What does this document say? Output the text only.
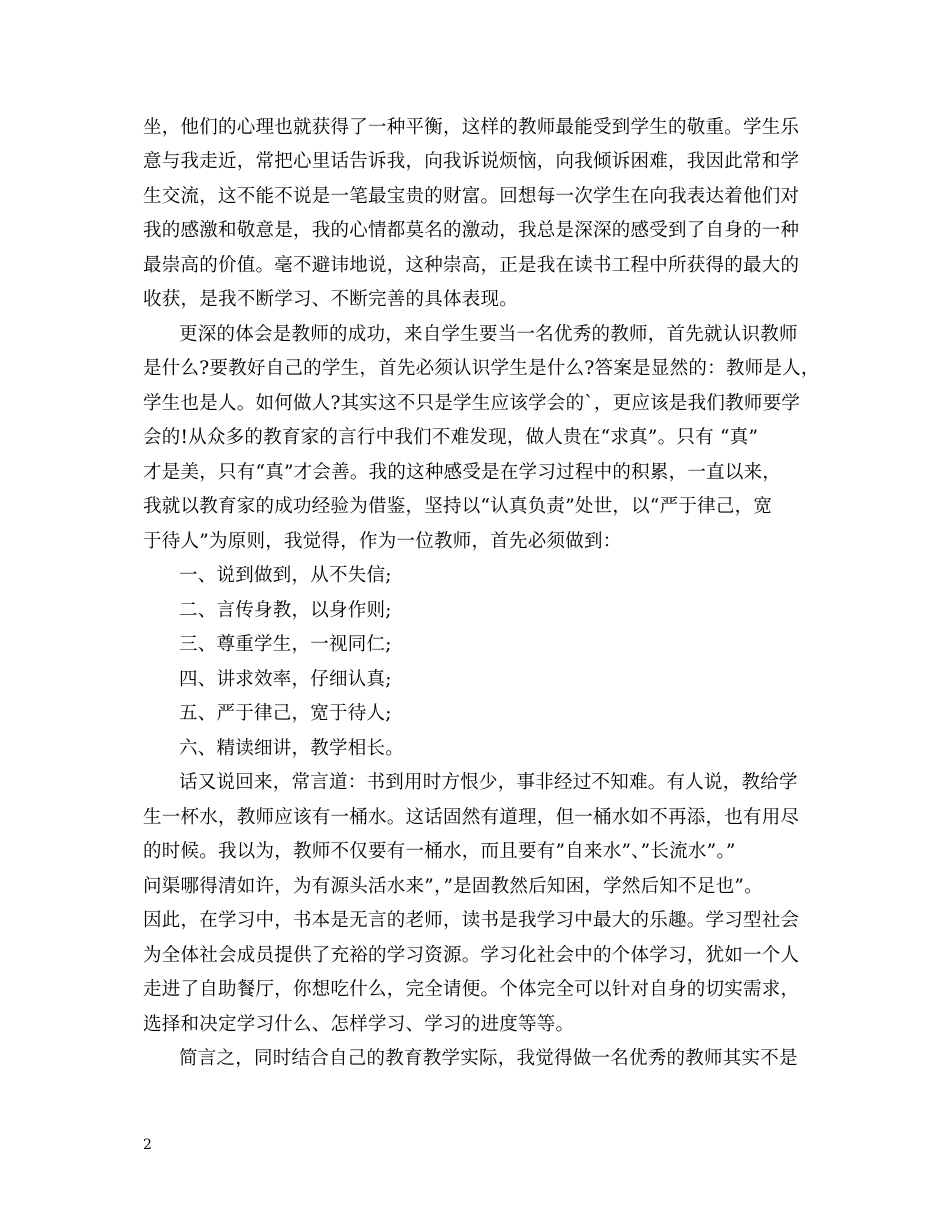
坐，他们的心理也就获得了一种平衡，这样的教师最能受到学生的敬重。学生乐
意与我走近，常把心里话告诉我，向我诉说烦恼，向我倾诉困难，我因此常和学
生交流，这不能不说是一笔最宝贵的财富。回想每一次学生在向我表达着他们对
我的感激和敬意是，我的心情都莫名的激动，我总是深深的感受到了自身的一种
最崇高的价值。毫不避讳地说，这种崇高，正是我在读书工程中所获得的最大的
收获，是我不断学习、不断完善的具体表现。
更深的体会是教师的成功，来自学生要当一名优秀的教师，首先就认识教师
是什么?要教好自己的学生，首先必须认识学生是什么?答案是显然的：教师是人，
学生也是人。如何做人?其实这不只是学生应该学会的`，更应该是我们教师要学
会的!从众多的教育家的言行中我们不难发现，做人贵在“求真”。只有 “真”
才是美，只有“真”才会善。我的这种感受是在学习过程中的积累，一直以来，
我就以教育家的成功经验为借鉴，坚持以“认真负责”处世，以“严于律己，宽
于待人”为原则，我觉得，作为一位教师，首先必须做到：
一、说到做到，从不失信;
二、言传身教，以身作则;
三、尊重学生，一视同仁;
四、讲求效率，仔细认真;
五、严于律己，宽于待人;
六、精读细讲，教学相长。
话又说回来，常言道：书到用时方恨少，事非经过不知难。有人说，教给学
生一杯水，教师应该有一桶水。这话固然有道理，但一桶水如不再添，也有用尽
的时候。我以为，教师不仅要有一桶水，而且要有”自来水”、”长流水”。”
问渠哪得清如许，为有源头活水来”，”是固教然后知困，学然后知不足也”。
因此，在学习中，书本是无言的老师，读书是我学习中最大的乐趣。学习型社会
为全体社会成员提供了充裕的学习资源。学习化社会中的个体学习，犹如一个人
走进了自助餐厅，你想吃什么，完全请便。个体完全可以针对自身的切实需求，
选择和决定学习什么、怎样学习、学习的进度等等。
简言之，同时结合自己的教育教学实际，我觉得做一名优秀的教师其实不是
2
